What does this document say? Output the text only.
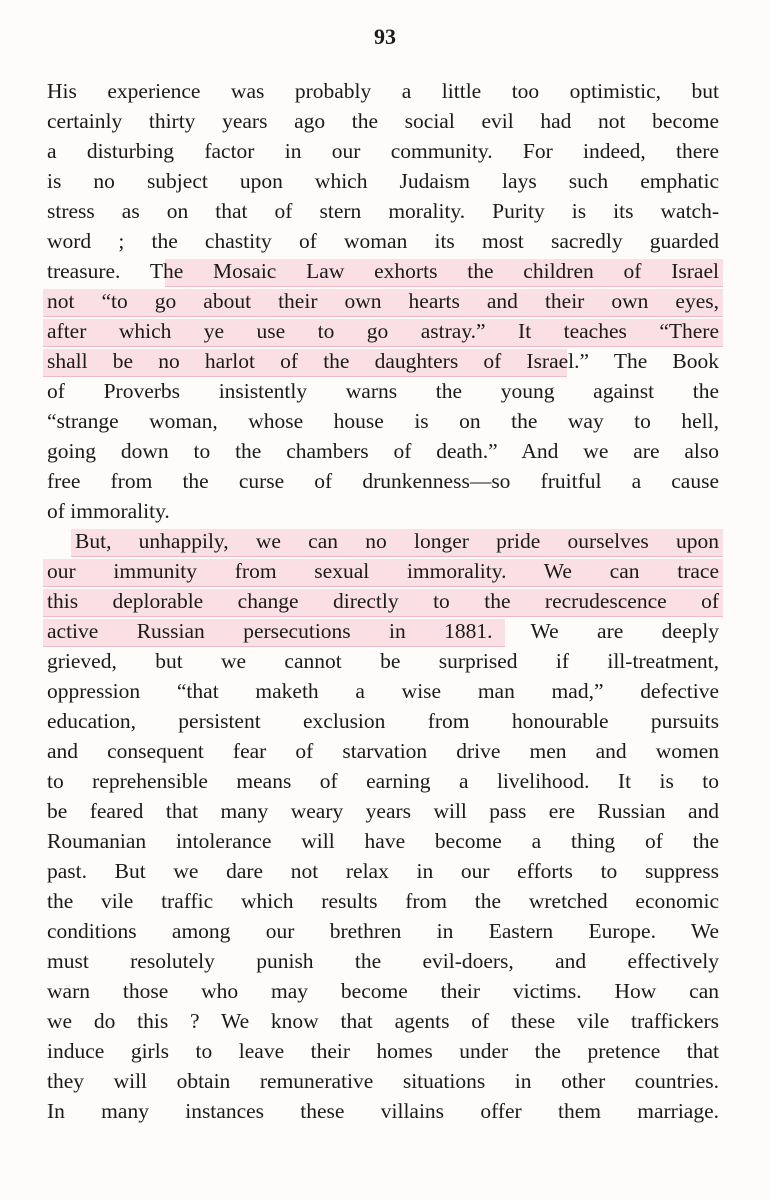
93
His experience was probably a little too optimistic, but
certainly thirty years ago the social evil had not become
a disturbing factor in our community. For indeed, there
is no subject upon which Judaism lays such emphatic
stress as on that of stern morality. Purity is its watch-
word ; the chastity of woman its most sacredly guarded
treasure. The Mosaic Law exhorts the children of Israel
not “to go about their own hearts and their own eyes,
after which ye use to go astray.” It teaches “There
shall be no harlot of the daughters of Israel.” The Book
of Proverbs insistently warns the young against the
“strange woman, whose house is on the way to hell,
going down to the chambers of death.” And we are also
free from the curse of drunkenness—so fruitful a cause
of immorality.
But, unhappily, we can no longer pride ourselves upon
our immunity from sexual immorality. We can trace
this deplorable change directly to the recrudescence of
active Russian persecutions in 1881. We are deeply
grieved, but we cannot be surprised if ill-treatment,
oppression “that maketh a wise man mad,” defective
education, persistent exclusion from honourable pursuits
and consequent fear of starvation drive men and women
to reprehensible means of earning a livelihood. It is to
be feared that many weary years will pass ere Russian and
Roumanian intolerance will have become a thing of the
past. But we dare not relax in our efforts to suppress
the vile traffic which results from the wretched economic
conditions among our brethren in Eastern Europe. We
must resolutely punish the evil-doers, and effectively
warn those who may become their victims. How can
we do this ? We know that agents of these vile traffickers
induce girls to leave their homes under the pretence that
they will obtain remunerative situations in other countries.
In many instances these villains offer them marriage.
